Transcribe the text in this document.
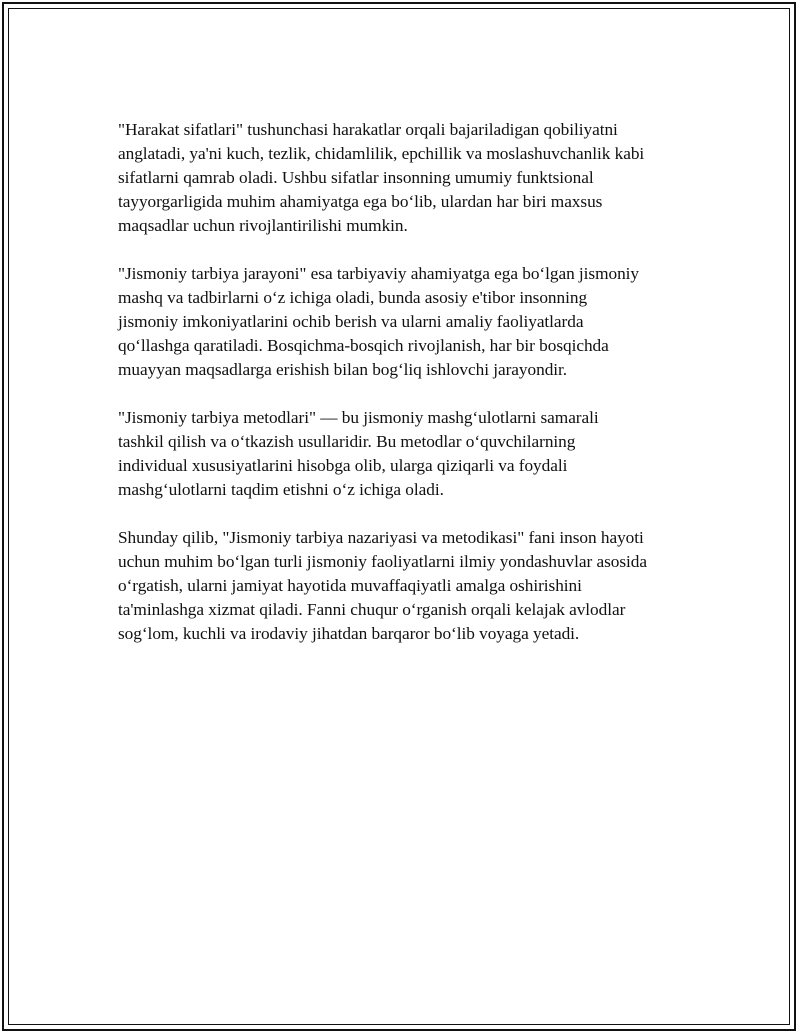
"Harakat sifatlari" tushunchasi harakatlar orqali bajariladigan qobiliyatni
anglatadi, ya'ni kuch, tezlik, chidamlilik, epchillik va moslashuvchanlik kabi
sifatlarni qamrab oladi. Ushbu sifatlar insonning umumiy funktsional
tayyorgarligida muhim ahamiyatga ega bo‘lib, ulardan har biri maxsus
maqsadlar uchun rivojlantirilishi mumkin.

"Jismoniy tarbiya jarayoni" esa tarbiyaviy ahamiyatga ega bo‘lgan jismoniy
mashq va tadbirlarni o‘z ichiga oladi, bunda asosiy e'tibor insonning
jismoniy imkoniyatlarini ochib berish va ularni amaliy faoliyatlarda
qo‘llashga qaratiladi. Bosqichma-bosqich rivojlanish, har bir bosqichda
muayyan maqsadlarga erishish bilan bog‘liq ishlovchi jarayondir.

"Jismoniy tarbiya metodlari" — bu jismoniy mashg‘ulotlarni samarali
tashkil qilish va o‘tkazish usullaridir. Bu metodlar o‘quvchilarning
individual xususiyatlarini hisobga olib, ularga qiziqarli va foydali
mashg‘ulotlarni taqdim etishni o‘z ichiga oladi.

Shunday qilib, "Jismoniy tarbiya nazariyasi va metodikasi" fani inson hayoti
uchun muhim bo‘lgan turli jismoniy faoliyatlarni ilmiy yondashuvlar asosida
o‘rgatish, ularni jamiyat hayotida muvaffaqiyatli amalga oshirishini
ta'minlashga xizmat qiladi. Fanni chuqur o‘rganish orqali kelajak avlodlar
sog‘lom, kuchli va irodaviy jihatdan barqaror bo‘lib voyaga yetadi.
